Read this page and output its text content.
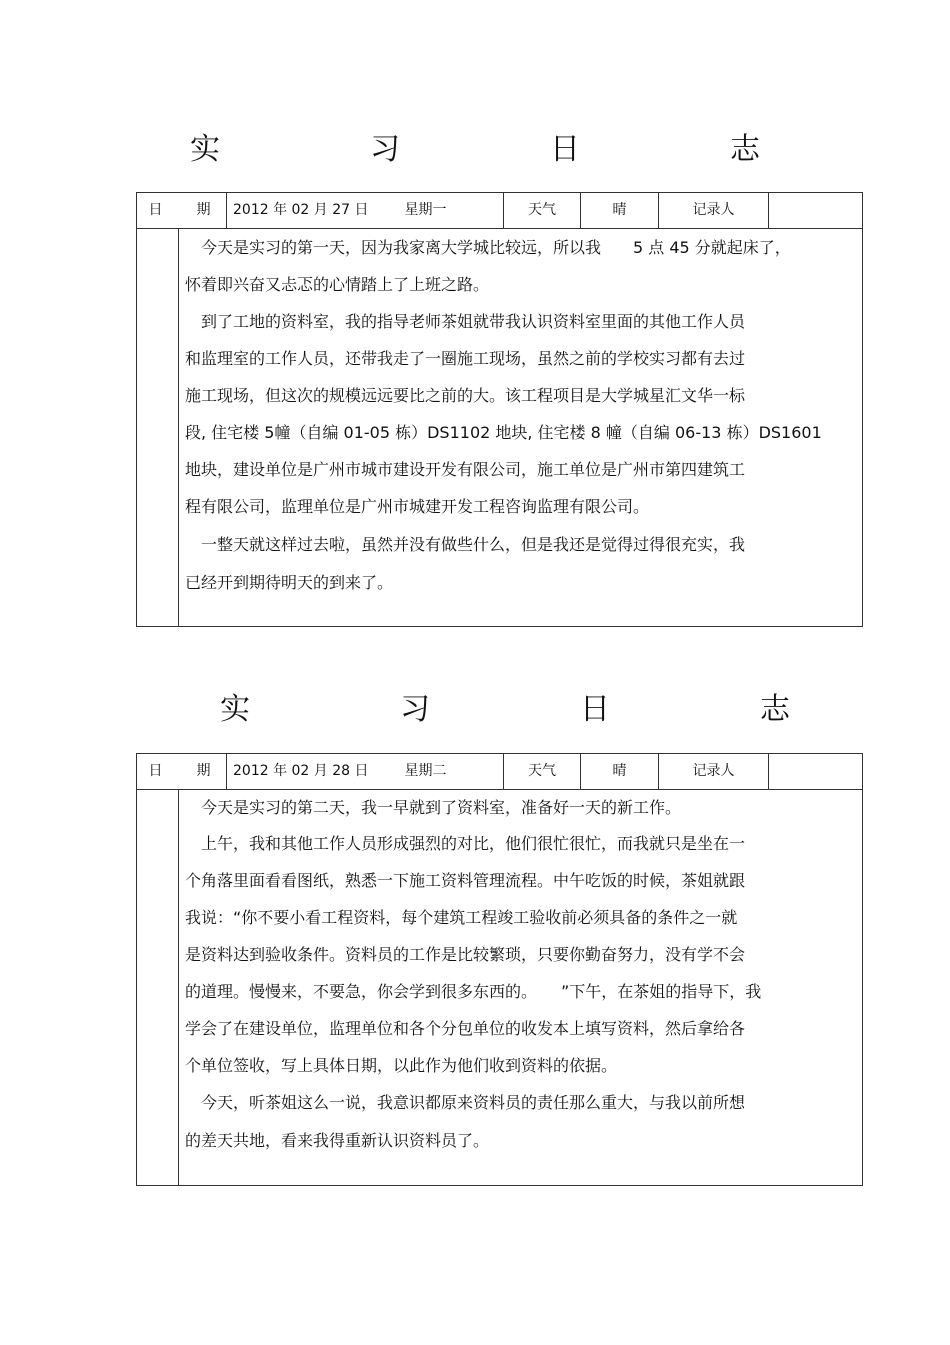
实　习　日　志
日　期 2012 年 02 月 27 日	星期一	天气	晴	记录人
　今天是实习的第一天，因为我家离大学城比较远，所以我　　5 点 45 分就起床了，
怀着即兴奋又忐忑的心情踏上了上班之路。
　到了工地的资料室，我的指导老师茶姐就带我认识资料室里面的其他工作人员
和监理室的工作人员，还带我走了一圈施工现场，虽然之前的学校实习都有去过
施工现场，但这次的规模远远要比之前的大。该工程项目是大学城星汇文华一标
段, 住宅楼 5幢（自编 01-05 栋）DS1102 地块, 住宅楼 8 幢（自编 06-13 栋）DS1601
地块，建设单位是广州市城市建设开发有限公司，施工单位是广州市第四建筑工
程有限公司，监理单位是广州市城建开发工程咨询监理有限公司。
　一整天就这样过去啦，虽然并没有做些什么，但是我还是觉得过得很充实，我
已经开到期待明天的到来了。
实　习　日　志
日　期 2012 年 02 月 28 日	星期二	天气	晴	记录人
　今天是实习的第二天，我一早就到了资料室，准备好一天的新工作。
　上午，我和其他工作人员形成强烈的对比，他们很忙很忙，而我就只是坐在一
个角落里面看看图纸，熟悉一下施工资料管理流程。中午吃饭的时候，茶姐就跟
我说：“你不要小看工程资料，每个建筑工程竣工验收前必须具备的条件之一就
是资料达到验收条件。资料员的工作是比较繁琐，只要你勤奋努力，没有学不会
的道理。慢慢来，不要急，你会学到很多东西的。　　”下午，在茶姐的指导下，我
学会了在建设单位，监理单位和各个分包单位的收发本上填写资料，然后拿给各
个单位签收，写上具体日期，以此作为他们收到资料的依据。
　今天，听茶姐这么一说，我意识都原来资料员的责任那么重大，与我以前所想
的差天共地，看来我得重新认识资料员了。
